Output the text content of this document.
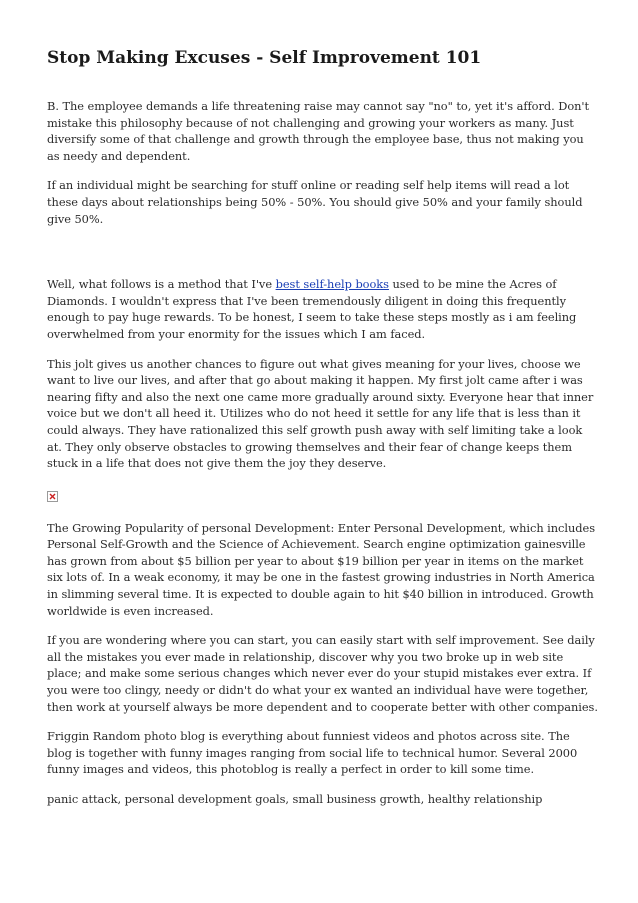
Stop Making Excuses - Self Improvement 101

B. The employee demands a life threatening raise may cannot say "no" to, yet it's afford. Don't mistake this philosophy because of not challenging and growing your workers as many. Just diversify some of that challenge and growth through the employee base, thus not making you as needy and dependent.

If an individual might be searching for stuff online or reading self help items will read a lot these days about relationships being 50% - 50%. You should give 50% and your family should give 50%.

Well, what follows is a method that I've best self-help books used to be mine the Acres of Diamonds. I wouldn't express that I've been tremendously diligent in doing this frequently enough to pay huge rewards. To be honest, I seem to take these steps mostly as i am feeling overwhelmed from your enormity for the issues which I am faced.

This jolt gives us another chances to figure out what gives meaning for your lives, choose we want to live our lives, and after that go about making it happen. My first jolt came after i was nearing fifty and also the next one came more gradually around sixty. Everyone hear that inner voice but we don't all heed it. Utilizes who do not heed it settle for any life that is less than it could always. They have rationalized this self growth push away with self limiting take a look at. They only observe obstacles to growing themselves and their fear of change keeps them stuck in a life that does not give them the joy they deserve.

The Growing Popularity of personal Development: Enter Personal Development, which includes Personal Self-Growth and the Science of Achievement. Search engine optimization gainesville has grown from about $5 billion per year to about $19 billion per year in items on the market six lots of. In a weak economy, it may be one in the fastest growing industries in North America in slimming several time. It is expected to double again to hit $40 billion in introduced. Growth worldwide is even increased.

If you are wondering where you can start, you can easily start with self improvement. See daily all the mistakes you ever made in relationship, discover why you two broke up in web site place; and make some serious changes which never ever do your stupid mistakes ever extra. If you were too clingy, needy or didn't do what your ex wanted an individual have were together, then work at yourself always be more dependent and to cooperate better with other companies.

Friggin Random photo blog is everything about funniest videos and photos across site. The blog is together with funny images ranging from social life to technical humor. Several 2000 funny images and videos, this photoblog is really a perfect in order to kill some time.

panic attack, personal development goals, small business growth, healthy relationship
